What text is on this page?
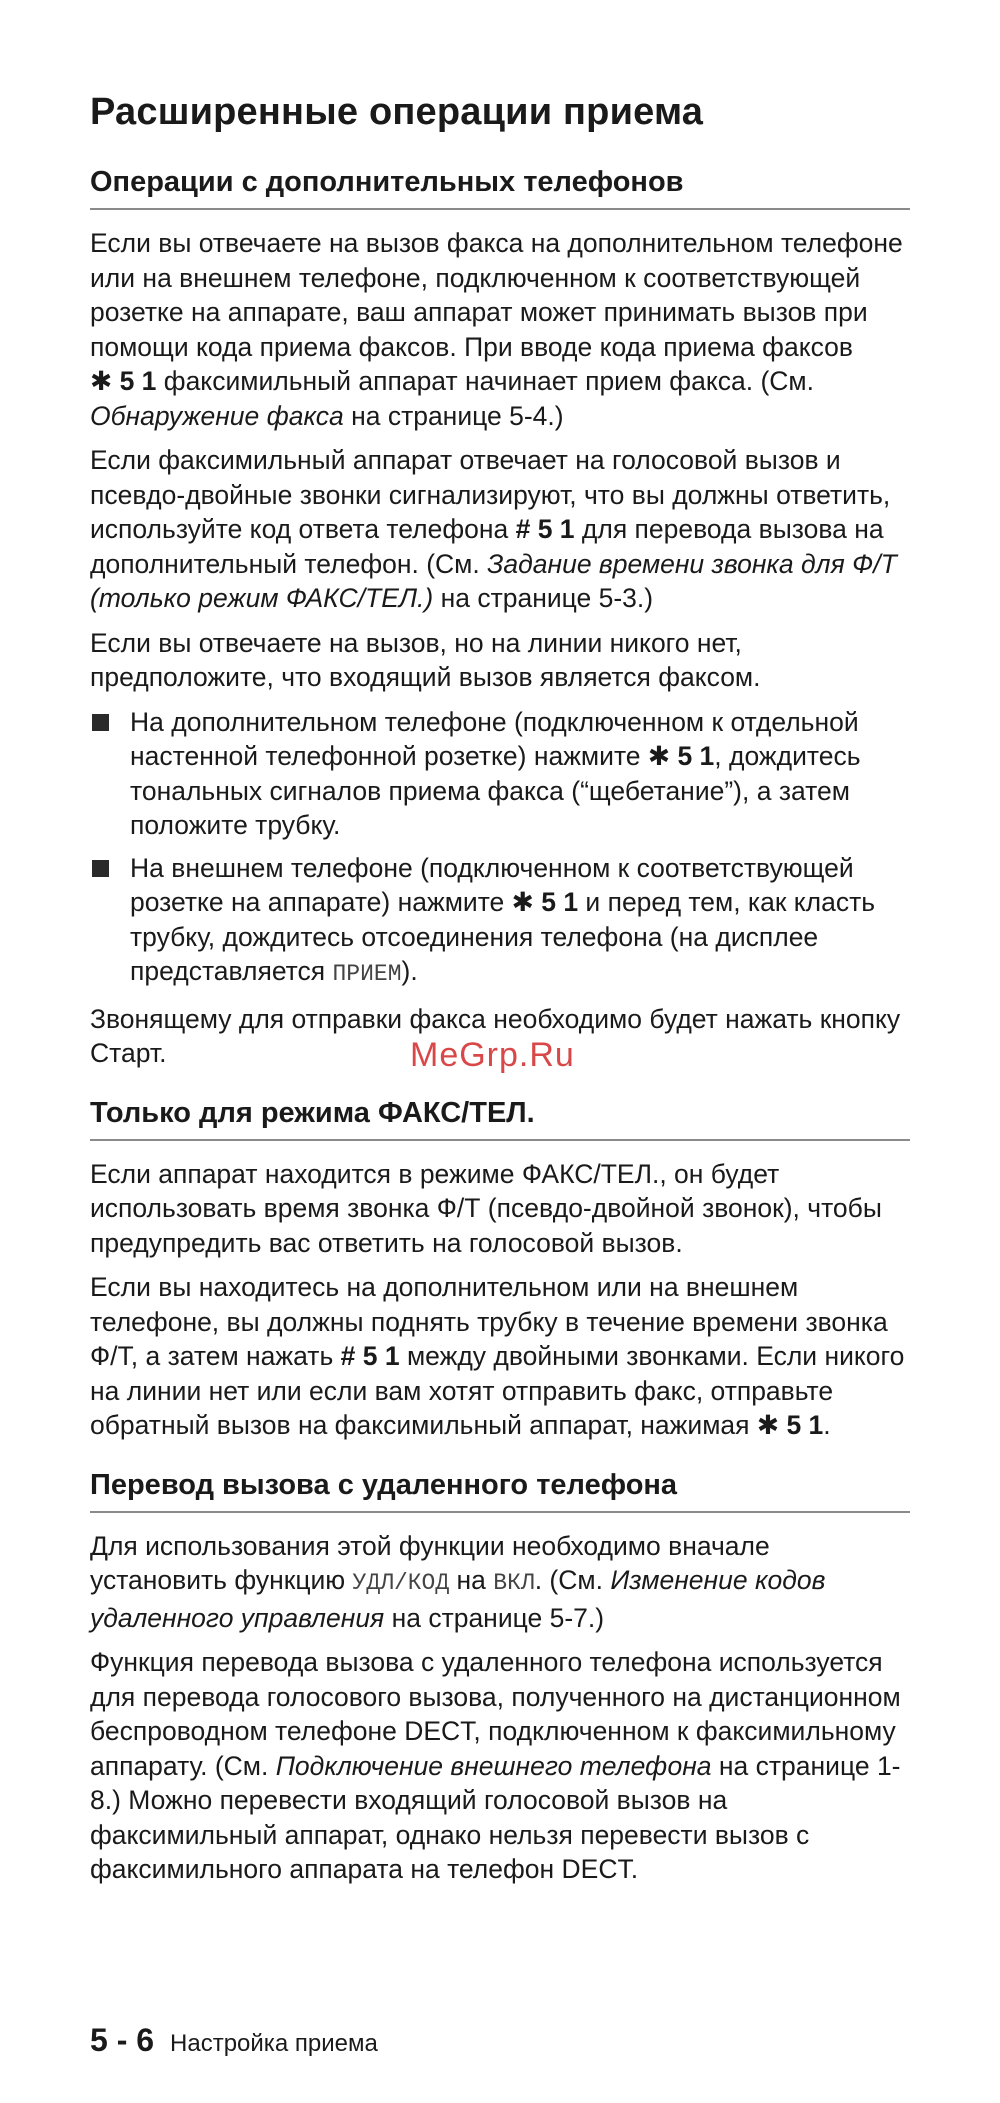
Расширенные операции приема
Операции с дополнительных телефонов

Если вы отвечаете на вызов факса на дополнительном телефоне или на внешнем телефоне, подключенном к соответствующей розетке на аппарате, ваш аппарат может принимать вызов при помощи кода приема факсов. При вводе кода приема факсов ✱ 5 1 факсимильный аппарат начинает прием факса. (См. Обнаружение факса на странице 5-4.)

Если факсимильный аппарат отвечает на голосовой вызов и псевдо-двойные звонки сигнализируют, что вы должны ответить, используйте код ответа телефона # 5 1 для перевода вызова на дополнительный телефон. (См. Задание времени звонка для Ф/Т (только режим ФАКС/ТЕЛ.) на странице 5-3.)

Если вы отвечаете на вызов, но на линии никого нет, предположите, что входящий вызов является факсом.

На дополнительном телефоне (подключенном к отдельной настенной телефонной розетке) нажмите ✱ 5 1, дождитесь тональных сигналов приема факса (“щебетание”), а затем положите трубку.
На внешнем телефоне (подключенном к соответствующей розетке на аппарате) нажмите ✱ 5 1 и перед тем, как класть трубку, дождитесь отсоединения телефона (на дисплее представляется ПРИЕМ).

Звонящему для отправки факса необходимо будет нажать кнопку Старт.

Только для режима ФАКС/ТЕЛ.

Если аппарат находится в режиме ФАКС/ТЕЛ., он будет использовать время звонка Ф/Т (псевдо-двойной звонок), чтобы предупредить вас ответить на голосовой вызов.

Если вы находитесь на дополнительном или на внешнем телефоне, вы должны поднять трубку в течение времени звонка Ф/Т, а затем нажать # 5 1 между двойными звонками. Если никого на линии нет или если вам хотят отправить факс, отправьте обратный вызов на факсимильный аппарат, нажимая ✱ 5 1.

Перевод вызова с удаленного телефона

Для использования этой функции необходимо вначале установить функцию УДЛ/КОД на ВКЛ. (См. Изменение кодов удаленного управления на странице 5-7.)

Функция перевода вызова с удаленного телефона используется для перевода голосового вызова, полученного на дистанционном беспроводном телефоне DECT, подключенном к факсимильному аппарату. (См. Подключение внешнего телефона на странице 1-8.) Можно перевести входящий голосовой вызов на факсимильный аппарат, однако нельзя перевести вызов с факсимильного аппарата на телефон DECT.

MeGrp.Ru
5 - 6 Настройка приема
